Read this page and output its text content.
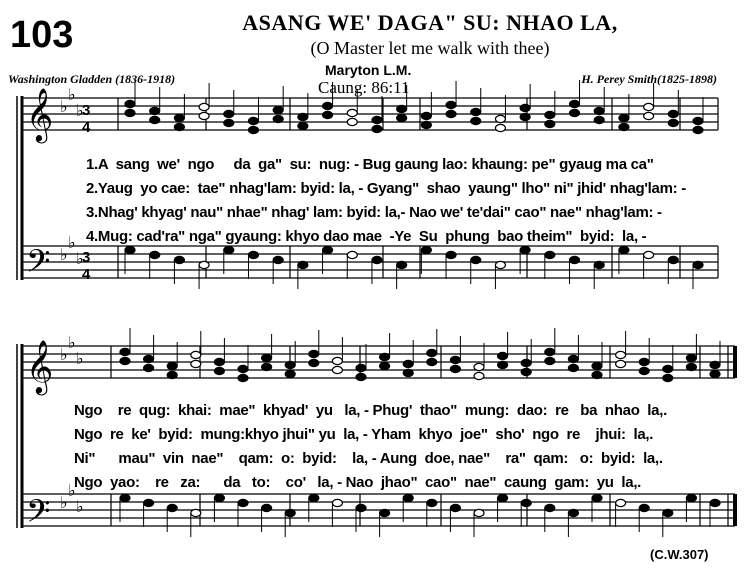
103	ASANG WE' DAGA" SU: NHAO LA,
(O Master let me walk with thee)
Washington Gladden (1836-1918)
Maryton L.M.
Caung: 86:11	H. Perey Smith(1825-1898)
♭
♭
♭
♭
♭
♭
♭
♭
♭
♭
♭
♭
𝄞
𝄢
𝄞
𝄢
3
4
3
4
1.A  sang  we'  ngo     da  ga"  su:  nug: - Bug gaung lao: khaung: pe" gyaug ma ca"
2.Yaug  yo cae:  tae" nhag'lam: byid: la, - Gyang"  shao  yaung" lho" ni" jhid' nhag'lam: -
3.Nhag' khyag' nau" nhae" nhag' lam: byid: la,- Nao we' te'dai" cao" nae" nhag'lam: -
4.Mug: cad'ra" nga" gyaung: khyo dao mae  -Ye  Su  phung  bao theim"  byid:  la, -
Ngo    re  qug:  khai:  mae"  khyad'  yu   la, - Phug'  thao"  mung:  dao:  re   ba  nhao  la,.
Ngo  re  ke'  byid:  mung:khyo jhui" yu  la, - Yham  khyo  joe"  sho'  ngo  re    jhui:  la,.
Ni"      mau"  vin  nae"    qam:  o:  byid:    la, - Aung  doe, nae"    ra"  qam:   o:  byid:  la,.
Ngo  yao:    re   za:      da   to:    co'   la, - Nao  jhao"  cao"  nae"  caung  gam:  yu  la,.
(C.W.307)
